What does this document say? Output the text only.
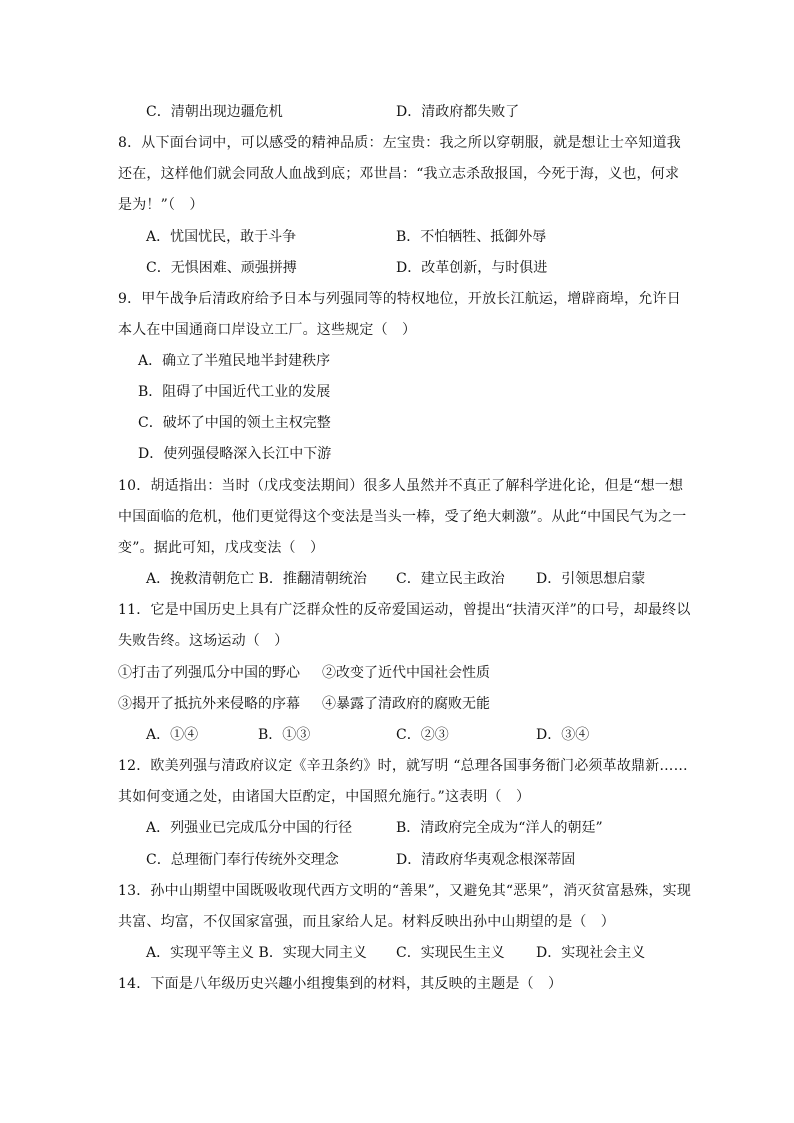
C．清朝出现边疆危机	D．清政府都失败了
8．从下面台词中，可以感受的精神品质：左宝贵：我之所以穿朝服，就是想让士卒知道我
还在，这样他们就会同敌人血战到底；邓世昌：“我立志杀敌报国，今死于海，义也，何求
是为！”（　）
A．忧国忧民，敢于斗争	B．不怕牺牲、抵御外辱
C．无惧困难、顽强拼搏	D．改革创新，与时俱进
9．甲午战争后清政府给予日本与列强同等的特权地位，开放长江航运，增辟商埠，允许日
本人在中国通商口岸设立工厂。这些规定（　）
A．确立了半殖民地半封建秩序
B．阻碍了中国近代工业的发展
C．破坏了中国的领土主权完整
D．使列强侵略深入长江中下游
10．胡适指出：当时（戊戌变法期间）很多人虽然并不真正了解科学进化论，但是“想一想
中国面临的危机，他们更觉得这个变法是当头一棒，受了绝大刺激”。从此“中国民气为之一
变”。据此可知，戊戌变法（　）
A．挽救清朝危亡 B．推翻清朝统治 C．建立民主政治 D．引领思想启蒙
11．它是中国历史上具有广泛群众性的反帝爱国运动，曾提出“扶清灭洋”的口号，却最终以
失败告终。这场运动（　）
①打击了列强瓜分中国的野心 ②改变了近代中国社会性质
③揭开了抵抗外来侵略的序幕 ④暴露了清政府的腐败无能
A．①④	B．①③	C．②③	D．③④
12．欧美列强与清政府议定《辛丑条约》时，就写明 “总理各国事务衙门必须革故鼎新……
其如何变通之处，由诸国大臣酌定，中国照允施行。”这表明（　）
A．列强业已完成瓜分中国的行径	B．清政府完全成为“洋人的朝廷”
C．总理衙门奉行传统外交理念	D．清政府华夷观念根深蒂固
13．孙中山期望中国既吸收现代西方文明的“善果”，又避免其“恶果”，消灭贫富悬殊，实现
共富、均富，不仅国家富强，而且家给人足。材料反映出孙中山期望的是（　）
A．实现平等主义 B．实现大同主义 C．实现民生主义 D．实现社会主义
14．下面是八年级历史兴趣小组搜集到的材料，其反映的主题是（　）
